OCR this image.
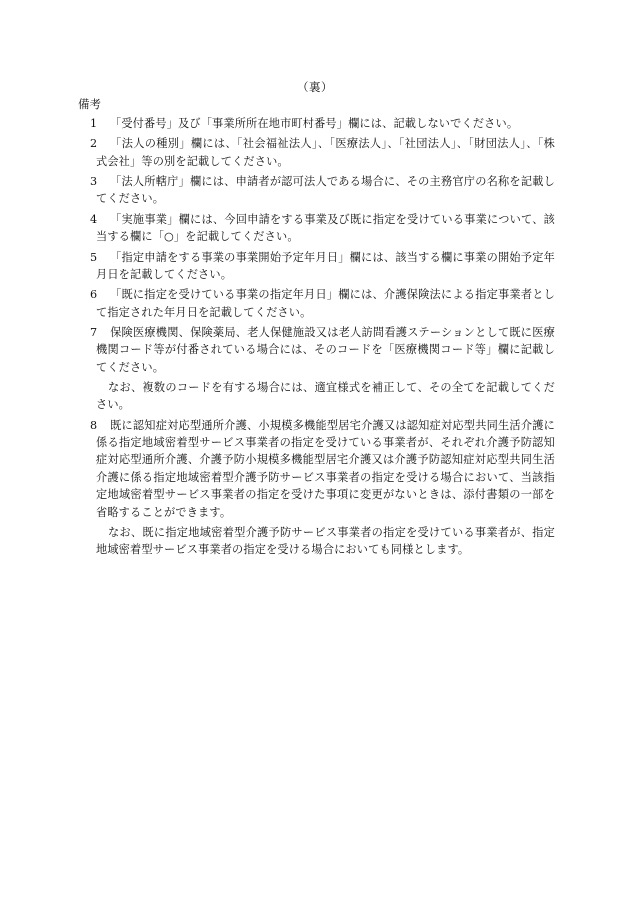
（裏）
備考
1 「受付番号」及び「事業所所在地市町村番号」欄には、記載しないでください。
2 「法人の種別」欄には、「社会福祉法人」、「医療法人」、「社団法人」、「財団法人」、「株式会社」等の別を記載してください。
3 「法人所轄庁」欄には、申請者が認可法人である場合に、その主務官庁の名称を記載してください。
4 「実施事業」欄には、今回申請をする事業及び既に指定を受けている事業について、該当する欄に「○」を記載してください。
5 「指定申請をする事業の事業開始予定年月日」欄には、該当する欄に事業の開始予定年月日を記載してください。
6 「既に指定を受けている事業の指定年月日」欄には、介護保険法による指定事業者として指定された年月日を記載してください。
7 保険医療機関、保険薬局、老人保健施設又は老人訪問看護ステーションとして既に医療機関コード等が付番されている場合には、そのコードを「医療機関コード等」欄に記載してください。
なお、複数のコードを有する場合には、適宜様式を補正して、その全てを記載してください。
8 既に認知症対応型通所介護、小規模多機能型居宅介護又は認知症対応型共同生活介護に係る指定地域密着型サービス事業者の指定を受けている事業者が、それぞれ介護予防認知症対応型通所介護、介護予防小規模多機能型居宅介護又は介護予防認知症対応型共同生活介護に係る指定地域密着型介護予防サービス事業者の指定を受ける場合において、当該指定地域密着型サービス事業者の指定を受けた事項に変更がないときは、添付書類の一部を省略することができます。
なお、既に指定地域密着型介護予防サービス事業者の指定を受けている事業者が、指定地域密着型サービス事業者の指定を受ける場合においても同様とします。
